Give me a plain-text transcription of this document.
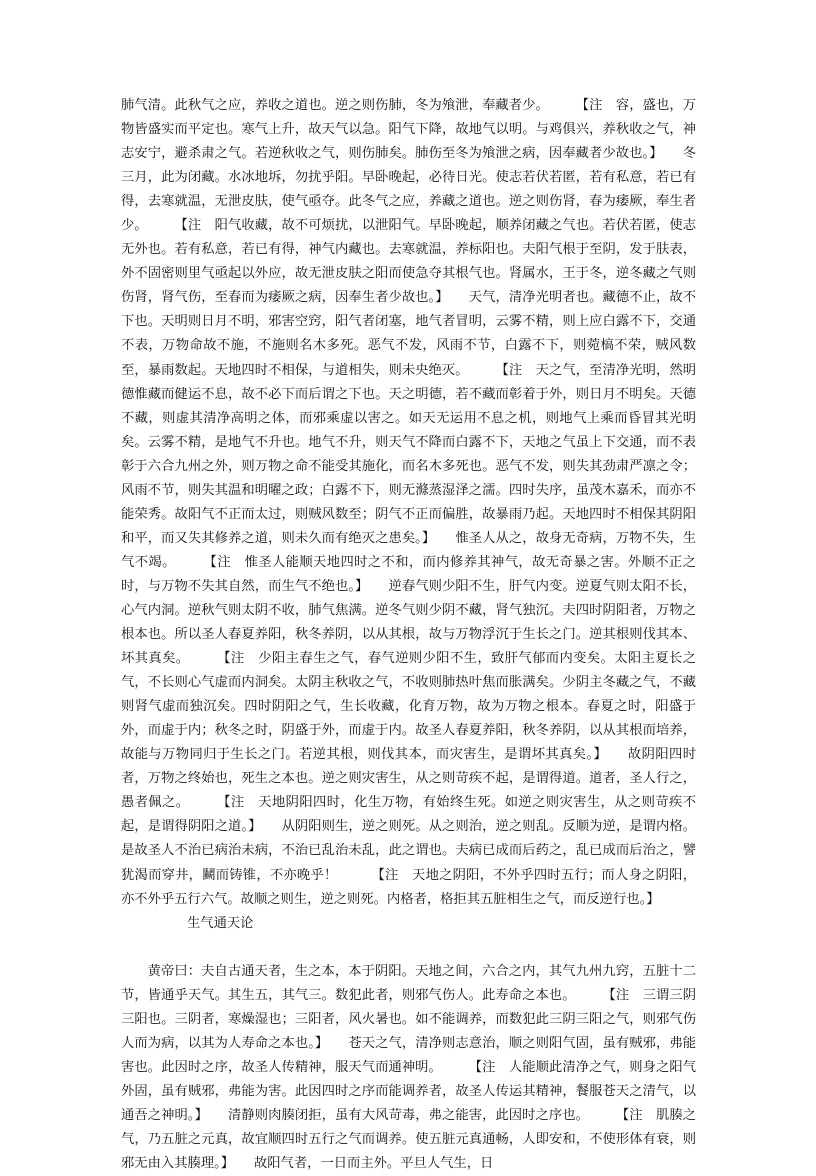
肺气清。此秋气之应，养收之道也。逆之则伤肺，冬为飧泄，奉藏者少。　　　【注　容，盛也，万物皆盛实而平定也。寒气上升，故天气以急。阳气下降，故地气以明。与鸡俱兴，养秋收之气，神志安宁，避杀肃之气。若逆秋收之气，则伤肺矣。肺伤至冬为飧泄之病，因奉藏者少故也。】　　冬三月，此为闭藏。水冰地坼，勿扰乎阳。早卧晚起，必待日光。使志若伏若匿，若有私意，若已有得，去寒就温，无泄皮肤，使气亟夺。此冬气之应，养藏之道也。逆之则伤肾，春为痿厥，奉生者少。　　　【注　阳气收藏，故不可烦扰，以泄阳气。早卧晚起，顺养闭藏之气也。若伏若匿，使志无外也。若有私意，若已有得，神气内藏也。去寒就温，养标阳也。夫阳气根于至阴，发于肤表，外不固密则里气亟起以外应，故无泄皮肤之阳而使急夺其根气也。肾属水，王于冬，逆冬藏之气则伤肾，肾气伤，至春而为痿厥之病，因奉生者少故也。】　　天气，清净光明者也。藏德不止，故不下也。天明则日月不明，邪害空窍，阳气者闭塞，地气者冒明，云雾不精，则上应白露不下，交通不表，万物命故不施，不施则名木多死。恶气不发，风雨不节，白露不下，则菀槁不荣，贼风数至，暴雨数起。天地四时不相保，与道相失，则未央绝灭。　　　【注　天之气，至清净光明，然明德惟藏而健运不息，故不必下而后谓之下也。天之明德，若不藏而彰着于外，则日月不明矣。天德不藏，则虚其清净高明之体，而邪乘虚以害之。如天无运用不息之机，则地气上乘而昏冒其光明矣。云雾不精，是地气不升也。地气不升，则天气不降而白露不下，天地之气虽上下交通，而不表彰于六合九州之外，则万物之命不能受其施化，而名木多死也。恶气不发，则失其劲肃严凛之令；风雨不节，则失其温和明曜之政；白露不下，则无滌蒸湿泽之濡。四时失序，虽茂木嘉禾，而亦不能荣秀。故阳气不正而太过，则贼风数至；阴气不正而偏胜，故暴雨乃起。天地四时不相保其阴阳和平，而又失其修养之道，则未久而有绝灭之患矣。】　　惟圣人从之，故身无奇病，万物不失，生气不竭。　　　【注　惟圣人能顺天地四时之不和，而内修养其神气，故无奇暴之害。外顺不正之时，与万物不失其自然，而生气不绝也。】　　逆春气则少阳不生，肝气内变。逆夏气则太阳不长，心气内洞。逆秋气则太阴不收，肺气焦满。逆冬气则少阴不藏，肾气独沉。夫四时阴阳者，万物之根本也。所以圣人春夏养阳，秋冬养阴，以从其根，故与万物浮沉于生长之门。逆其根则伐其本、坏其真矣。　　　【注　少阳主春生之气，春气逆则少阳不生，致肝气郁而内变矣。太阳主夏长之气，不长则心气虚而内洞矣。太阴主秋收之气，不收则肺热叶焦而胀满矣。少阴主冬藏之气，不藏则肾气虚而独沉矣。四时阴阳之气，生长收藏，化育万物，故为万物之根本。春夏之时，阳盛于外，而虚于内；秋冬之时，阴盛于外，而虚于内。故圣人春夏养阳，秋冬养阴，以从其根而培养，故能与万物同归于生长之门。若逆其根，则伐其本，而灾害生，是谓坏其真矣。】　　故阴阳四时者，万物之终始也，死生之本也。逆之则灾害生，从之则苛疾不起，是谓得道。道者，圣人行之，愚者佩之。　　　【注　天地阴阳四时，化生万物，有始终生死。如逆之则灾害生，从之则苛疾不起，是谓得阴阳之道。】　　从阴阳则生，逆之则死。从之则治，逆之则乱。反顺为逆，是谓内格。是故圣人不治已病治未病，不治已乱治未乱，此之谓也。夫病已成而后药之，乱已成而后治之，譬犹渴而穿井，鬭而铸锥，不亦晚乎！　　　【注　天地之阴阳，不外乎四时五行；而人身之阴阳，亦不外乎五行六气。故顺之则生，逆之则死。内格者，格拒其五脏相生之气，而反逆行也。】

生气通天论

黄帝曰：夫自古通天者，生之本，本于阴阳。天地之间，六合之内，其气九州九窍，五脏十二节，皆通乎天气。其生五，其气三。数犯此者，则邪气伤人。此寿命之本也。　　　【注　三谓三阴三阳也。三阴者，寒燥湿也；三阳者，风火暑也。如不能调养，而数犯此三阴三阳之气，则邪气伤人而为病，以其为人寿命之本也。】　　苍天之气，清净则志意治，顺之则阳气固，虽有贼邪，弗能害也。此因时之序，故圣人传精神，服天气而通神明。　　　【注　人能顺此清净之气，则身之阳气外固，虽有贼邪，弗能为害。此因四时之序而能调养者，故圣人传运其精神，餐服苍天之清气，以通吾之神明。】　　清静则肉腠闭拒，虽有大风苛毒，弗之能害，此因时之序也。　　　【注　肌腠之气，乃五脏之元真，故宜顺四时五行之气而调养。使五脏元真通畅，人即安和，不使形体有衰，则邪无由入其腠理。】　　故阳气者，一日而主外。平旦人气生，日
